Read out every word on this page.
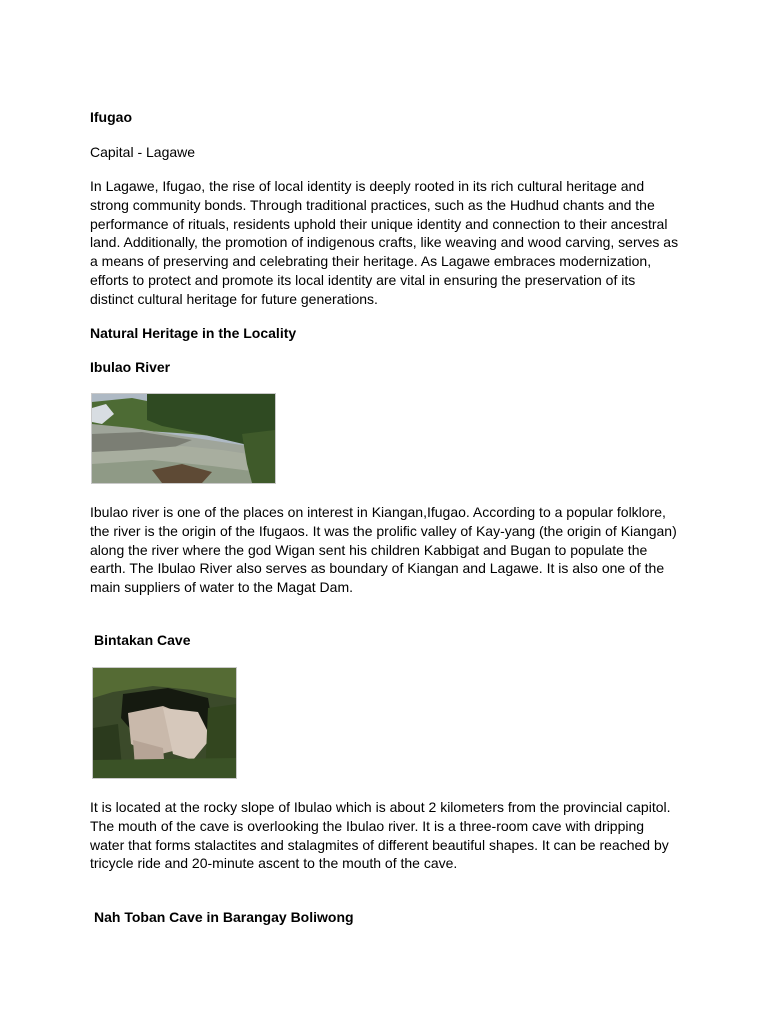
Ifugao
Capital - Lagawe
In Lagawe, Ifugao, the rise of local identity is deeply rooted in its rich cultural heritage and strong community bonds. Through traditional practices, such as the Hudhud chants and the performance of rituals, residents uphold their unique identity and connection to their ancestral land. Additionally, the promotion of indigenous crafts, like weaving and wood carving, serves as a means of preserving and celebrating their heritage. As Lagawe embraces modernization, efforts to protect and promote its local identity are vital in ensuring the preservation of its distinct cultural heritage for future generations.
Natural Heritage in the Locality
Ibulao River
Ibulao river is one of the places on interest in Kiangan,Ifugao. According to a popular folklore, the river is the origin of the Ifugaos. It was the prolific valley of Kay-yang (the origin of Kiangan) along the river where the god Wigan sent his children Kabbigat and Bugan to populate the earth. The Ibulao River also serves as boundary of Kiangan and Lagawe. It is also one of the main suppliers of water to the Magat Dam.
Bintakan Cave
It is located at the rocky slope of Ibulao which is about 2 kilometers from the provincial capitol. The mouth of the cave is overlooking the Ibulao river. It is a three-room cave with dripping water that forms stalactites and stalagmites of different beautiful shapes. It can be reached by tricycle ride and 20-minute ascent to the mouth of the cave.
Nah Toban Cave in Barangay Boliwong
